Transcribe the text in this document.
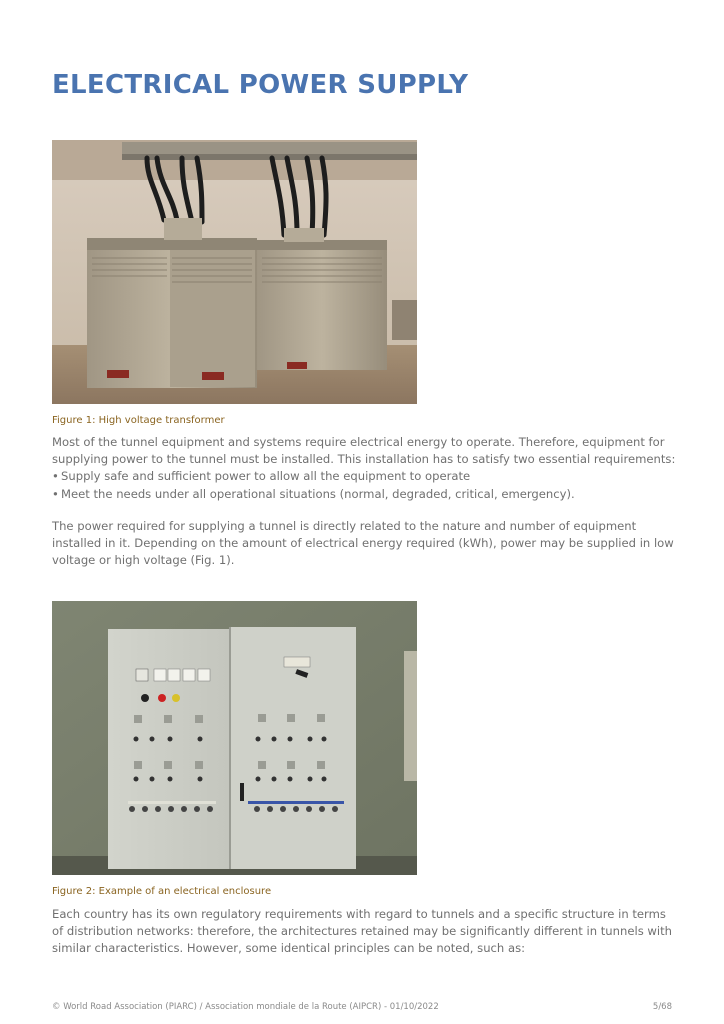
ELECTRICAL POWER SUPPLY
Figure 1: High voltage transformer
Most of the tunnel equipment and systems require electrical energy to operate. Therefore, equipment for
supplying power to the tunnel must be installed. This installation has to satisfy two essential requirements:
• Supply safe and sufficient power to allow all the equipment to operate
• Meet the needs under all operational situations (normal, degraded, critical, emergency).
The power required for supplying a tunnel is directly related to the nature and number of equipment
installed in it. Depending on the amount of electrical energy required (kWh), power may be supplied in low
voltage or high voltage (Fig. 1).
Figure 2: Example of an electrical enclosure
Each country has its own regulatory requirements with regard to tunnels and a specific structure in terms
of distribution networks: therefore, the architectures retained may be significantly different in tunnels with
similar characteristics. However, some identical principles can be noted, such as:
© World Road Association (PIARC) / Association mondiale de la Route (AIPCR) - 01/10/2022	5/68
